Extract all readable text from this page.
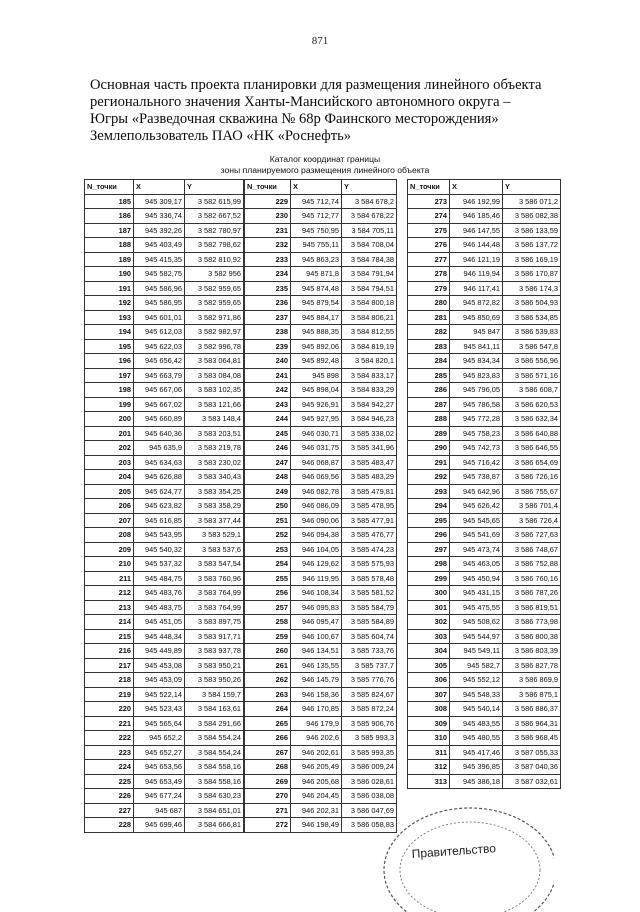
871
Основная часть проекта планировки для размещения линейного объекта
регионального значения Ханты-Мансийского автономного округа –
Югры «Разведочная скважина № 68р Фаинского месторождения»
Землепользователь ПАО «НК «Роснефть»
Каталог координат границы
зоны планируемого размещения линейного объекта
N_точки	X	Y
185	945 309,17	3 582 615,99
186	945 336,74	3 582 667,52
187	945 392,26	3 582 780,97
188	945 403,49	3 582 798,62
189	945 415,35	3 582 810,92
190	945 582,75	3 582 956
191	945 586,96	3 582 959,65
192	945 586,95	3 582 959,65
193	945 601,01	3 582 971,86
194	945 612,03	3 582 982,97
195	945 622,03	3 582 996,78
196	945 656,42	3 583 064,81
197	945 663,79	3 583 084,08
198	945 667,06	3 583 102,35
199	945 667,02	3 583 121,66
200	945 660,89	3 583 148,4
201	945 640,36	3 583 203,51
202	945 635,9	3 583 219,78
203	945 634,63	3 583 230,02
204	945 626,88	3 583 340,43
205	945 624,77	3 583 354,25
206	945 623,82	3 583 358,29
207	945 616,85	3 583 377,44
208	945 543,95	3 583 529,1
209	945 540,32	3 583 537,6
210	945 537,32	3 583 547,54
211	945 484,75	3 583 760,96
212	945 483,76	3 583 764,99
213	945 483,75	3 583 764,99
214	945 451,05	3 583 897,75
215	945 448,34	3 583 917,71
216	945 449,89	3 583 937,78
217	945 453,08	3 583 950,21
218	945 453,09	3 583 950,26
219	945 522,14	3 584 159,7
220	945 523,43	3 584 163,61
221	945 565,64	3 584 291,66
222	945 652,2	3 584 554,24
223	945 652,27	3 584 554,24
224	945 653,56	3 584 558,16
225	945 653,49	3 584 558,16
226	945 677,24	3 584 630,23
227	945 687	3 584 651,01
228	945 699,46	3 584 666,81
N_точки	X	Y
229	945 712,74	3 584 678,2
230	945 712,77	3 584 678,22
231	945 750,95	3 584 705,11
232	945 755,11	3 584 708,04
233	945 863,23	3 584 784,38
234	945 871,8	3 584 791,94
235	945 874,48	3 584 794,51
236	945 879,54	3 584 800,18
237	945 884,17	3 584 806,21
238	945 888,35	3 584 812,55
239	945 892,06	3 584 819,19
240	945 892,48	3 584 820,1
241	945 898	3 584 833,17
242	945 898,04	3 584 833,29
243	945 926,91	3 584 942,27
244	945 927,95	3 584 946,23
245	946 030,71	3 585 338,02
246	946 031,75	3 585 341,96
247	946 068,87	3 585 483,47
248	946 069,56	3 585 483,29
249	946 082,78	3 585 479,81
250	946 086,09	3 585 478,95
251	946 090,06	3 585 477,91
252	946 094,38	3 585 476,77
253	946 104,05	3 585 474,23
254	946 129,62	3 585 575,93
255	946 119,95	3 585 578,48
256	946 108,34	3 585 581,52
257	946 095,83	3 585 584,79
258	946 095,47	3 585 584,89
259	946 100,67	3 585 604,74
260	946 134,51	3 585 733,76
261	946 135,55	3 585 737,7
262	946 145,79	3 585 776,76
263	946 158,36	3 585 824,67
264	946 170,85	3 585 872,24
265	946 179,9	3 585 906,76
266	946 202,6	3 585 993,3
267	946 202,61	3 585 993,35
268	946 205,49	3 586 009,24
269	946 205,68	3 586 028,61
270	946 204,45	3 586 038,08
271	946 202,31	3 586 047,69
272	946 198,49	3 586 058,83
N_точки	X	Y
273	946 192,99	3 586 071,2
274	946 185,46	3 586 082,38
275	946 147,55	3 586 133,59
276	946 144,48	3 586 137,72
277	946 121,19	3 586 169,19
278	946 119,94	3 586 170,87
279	946 117,41	3 586 174,3
280	945 872,82	3 586 504,93
281	945 850,69	3 586 534,85
282	945 847	3 586 539,83
283	945 841,11	3 586 547,8
284	945 834,34	3 586 556,96
285	945 823,83	3 586 571,16
286	945 796,05	3 586 608,7
287	945 786,58	3 586 620,53
288	945 772,28	3 586 632,34
289	945 758,23	3 586 640,88
290	945 742,73	3 586 646,55
291	945 716,42	3 586 654,69
292	945 738,87	3 586 726,16
293	945 642,96	3 586 755,67
294	945 626,42	3 586 701,4
295	945 545,65	3 586 726,4
296	945 541,69	3 586 727,63
297	945 473,74	3 586 748,67
298	945 463,05	3 586 752,88
299	945 450,94	3 586 760,16
300	945 431,15	3 586 787,26
301	945 475,55	3 586 819,51
302	945 508,62	3 586 773,98
303	945 544,97	3 586 800,38
304	945 549,11	3 586 803,39
305	945 582,7	3 586 827,78
306	945 552,12	3 586 869,9
307	945 548,33	3 586 875,1
308	945 540,14	3 586 886,37
309	945 483,55	3 586 964,31
310	945 480,55	3 586 968,45
311	945 417,46	3 587 055,33
312	945 396,85	3 587 040,36
313	945 386,18	3 587 032,61
Правительство
